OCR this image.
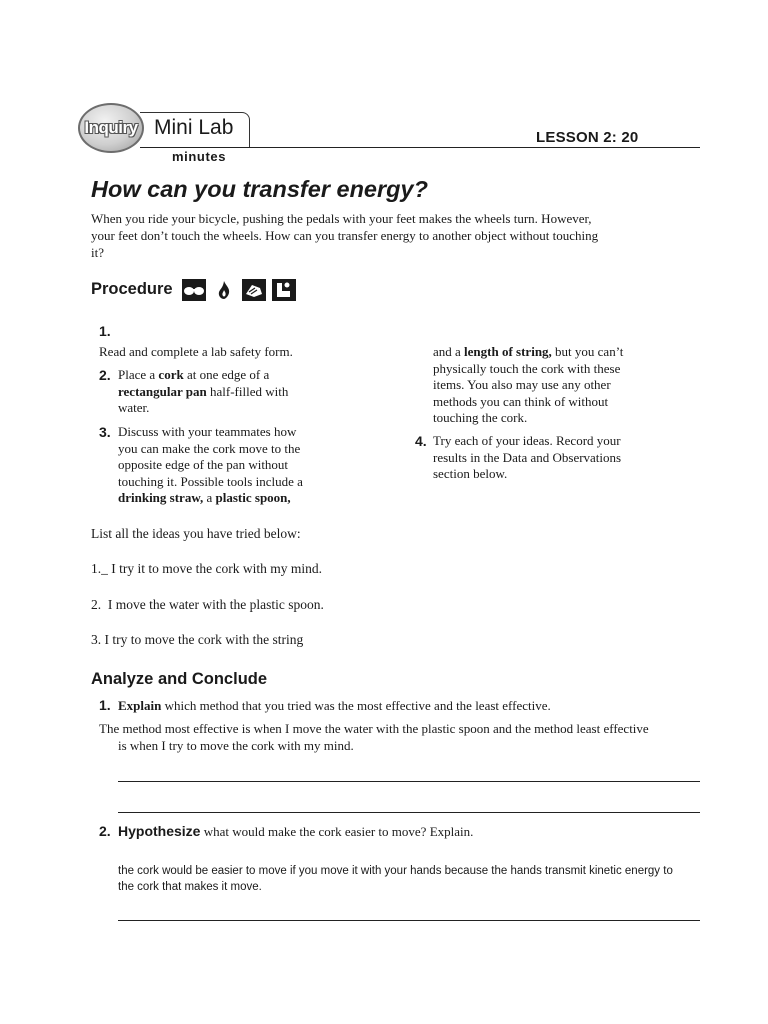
Inquiry Mini Lab	LESSON 2: 20
minutes
How can you transfer energy?
When you ride your bicycle, pushing the pedals with your feet makes the wheels turn. However, your feet don’t touch the wheels. How can you transfer energy to another object without touching it?
Procedure
1.
Read and complete a lab safety form.
2. Place a cork at one edge of a rectangular pan half-filled with water.
3. Discuss with your teammates how you can make the cork move to the opposite edge of the pan without touching it. Possible tools include a drinking straw, a plastic spoon,
and a length of string, but you can’t physically touch the cork with these items. You also may use any other methods you can think of without touching the cork.
4. Try each of your ideas. Record your results in the Data and Observations section below.
List all the ideas you have tried below:
1._ I try it to move the cork with my mind.
2.  I move the water with the plastic spoon.
3. I try to move the cork with the string
Analyze and Conclude
1. Explain which method that you tried was the most effective and the least effective.
The method most effective is when I move the water with the plastic spoon and the method least effective is when I try to move the cork with my mind.
2. Hypothesize what would make the cork easier to move? Explain.
the cork would be easier to move if you move it with your hands because the hands transmit kinetic energy to the cork that makes it move.
